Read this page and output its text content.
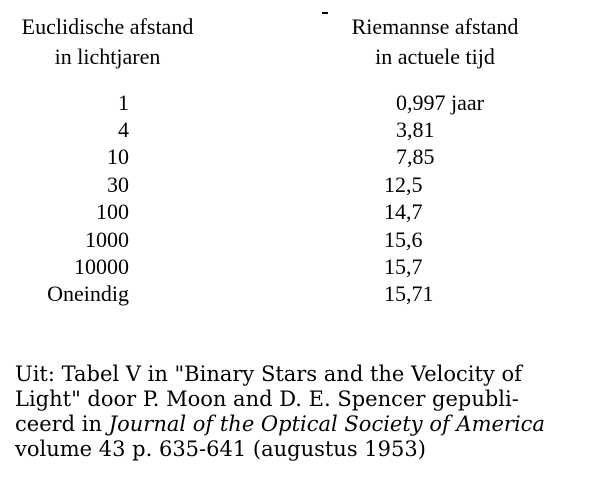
Euclidische afstand
in lichtjaren
Riemannse afstand
in actuele tijd
1
4
10
30
100
1000
10000
Oneindig
0,997 jaar
3,81
7,85
12,5
14,7
15,6
15,7
15,71
Uit: Tabel V in "Binary Stars and the Velocity of
Light" door P. Moon and D. E. Spencer gepubli-
ceerd in Journal of the Optical Society of America
volume 43 p. 635-641 (augustus 1953)
